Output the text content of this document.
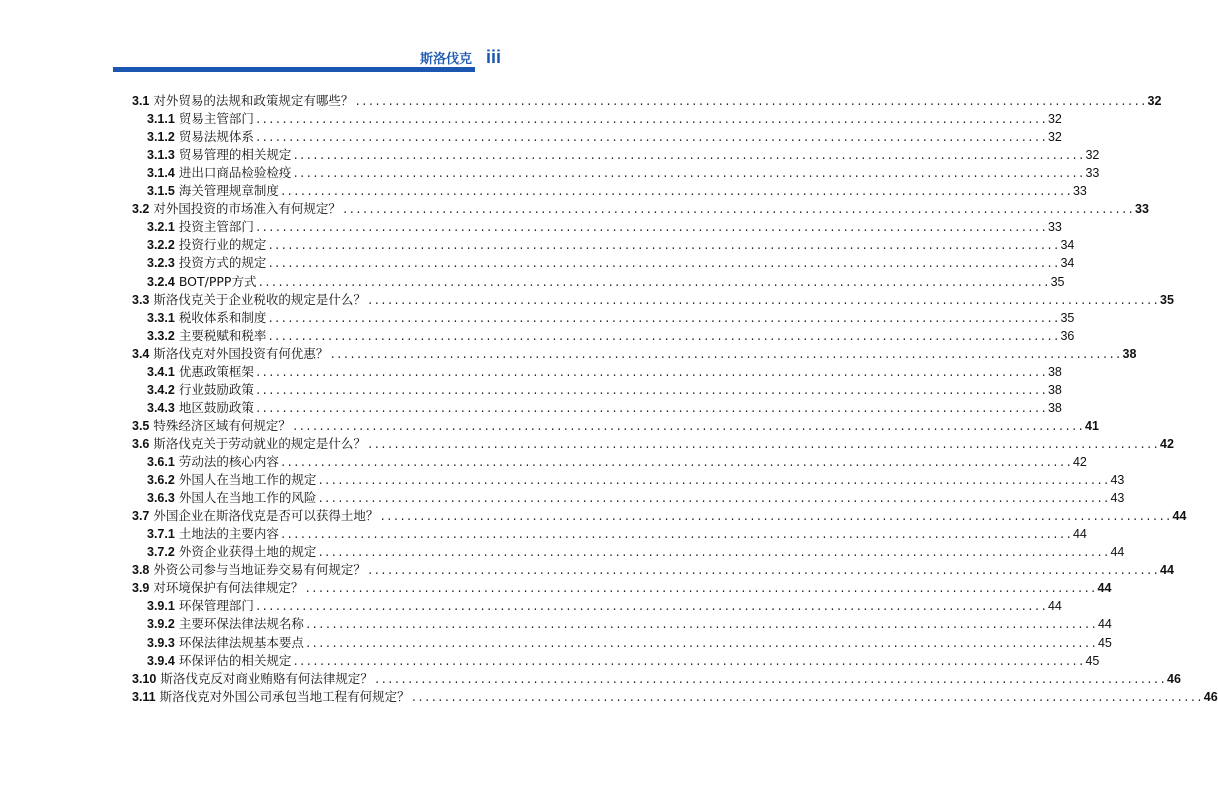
斯洛伐克 iii
3.1 对外贸易的法规和政策规定有哪些？ ........................................................................................................................ 32
3.1.1 贸易主管部门 ........................................................................................................................ 32
3.1.2 贸易法规体系 ........................................................................................................................ 32
3.1.3 贸易管理的相关规定 ........................................................................................................................ 32
3.1.4 进出口商品检验检疫 ........................................................................................................................ 33
3.1.5 海关管理规章制度 ........................................................................................................................ 33
3.2 对外国投资的市场准入有何规定？ ........................................................................................................................ 33
3.2.1 投资主管部门 ........................................................................................................................ 33
3.2.2 投资行业的规定 ........................................................................................................................ 34
3.2.3 投资方式的规定 ........................................................................................................................ 34
3.2.4 BOT/PPP方式 ........................................................................................................................ 35
3.3 斯洛伐克关于企业税收的规定是什么？ ........................................................................................................................ 35
3.3.1 税收体系和制度 ........................................................................................................................ 35
3.3.2 主要税赋和税率 ........................................................................................................................ 36
3.4 斯洛伐克对外国投资有何优惠？ ........................................................................................................................ 38
3.4.1 优惠政策框架 ........................................................................................................................ 38
3.4.2 行业鼓励政策 ........................................................................................................................ 38
3.4.3 地区鼓励政策 ........................................................................................................................ 38
3.5 特殊经济区域有何规定？ ........................................................................................................................ 41
3.6 斯洛伐克关于劳动就业的规定是什么？ ........................................................................................................................ 42
3.6.1 劳动法的核心内容 ........................................................................................................................ 42
3.6.2 外国人在当地工作的规定 ........................................................................................................................ 43
3.6.3 外国人在当地工作的风险 ........................................................................................................................ 43
3.7 外国企业在斯洛伐克是否可以获得土地？ ........................................................................................................................ 44
3.7.1 土地法的主要内容 ........................................................................................................................ 44
3.7.2 外资企业获得土地的规定 ........................................................................................................................ 44
3.8 外资公司参与当地证券交易有何规定？ ........................................................................................................................ 44
3.9 对环境保护有何法律规定？ ........................................................................................................................ 44
3.9.1 环保管理部门 ........................................................................................................................ 44
3.9.2 主要环保法律法规名称 ........................................................................................................................ 44
3.9.3 环保法律法规基本要点 ........................................................................................................................ 45
3.9.4 环保评估的相关规定 ........................................................................................................................ 45
3.10 斯洛伐克反对商业贿赂有何法律规定？ ........................................................................................................................ 46
3.11 斯洛伐克对外国公司承包当地工程有何规定？ ........................................................................................................................ 46
